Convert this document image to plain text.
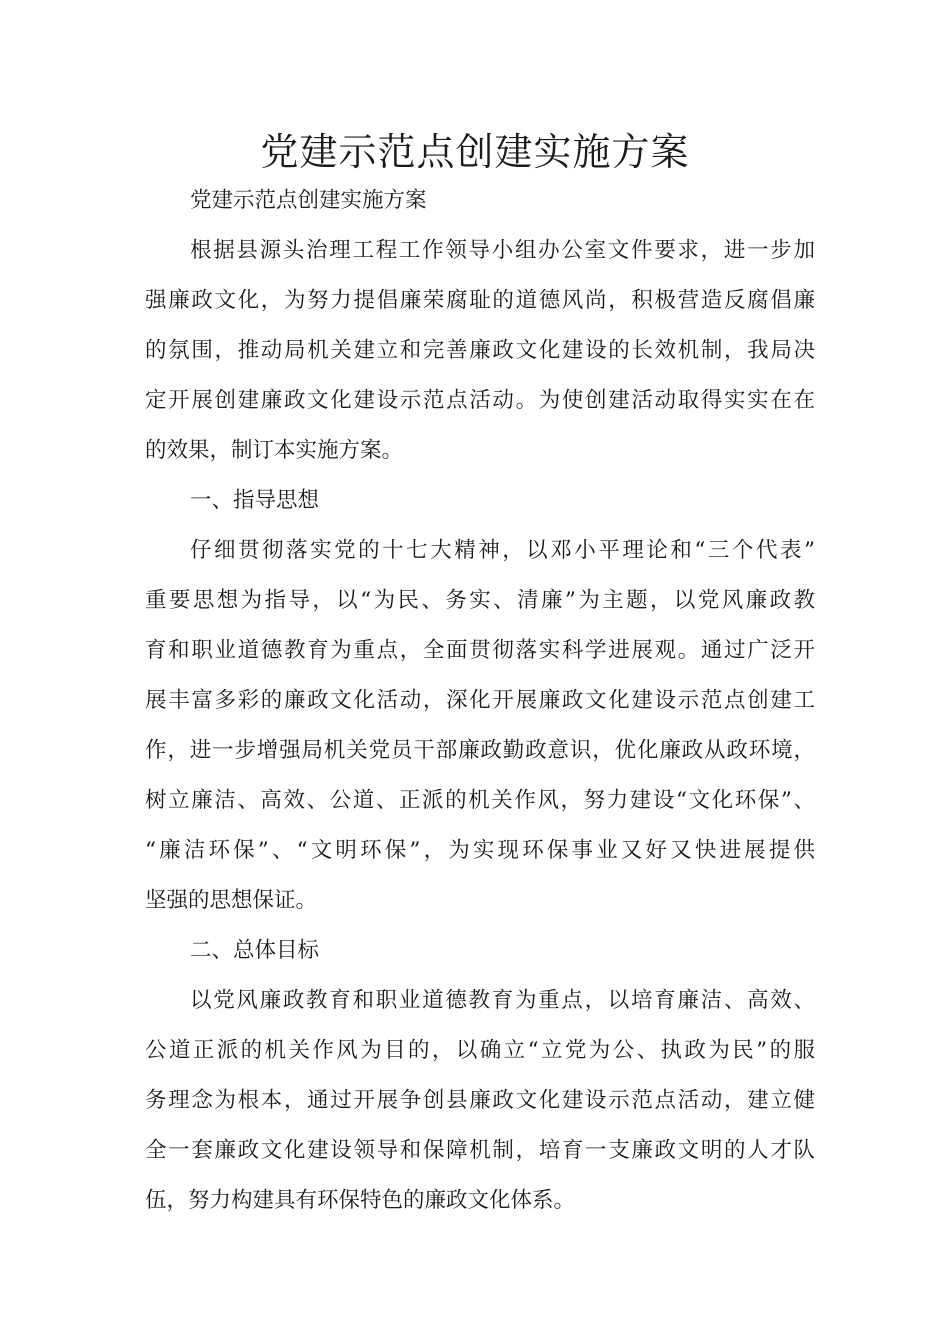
党建示范点创建实施方案

党建示范点创建实施方案

根据县源头治理工程工作领导小组办公室文件要求，进一步加

强廉政文化，为努力提倡廉荣腐耻的道德风尚，积极营造反腐倡廉

的氛围，推动局机关建立和完善廉政文化建设的长效机制，我局决

定开展创建廉政文化建设示范点活动。为使创建活动取得实实在在

的效果，制订本实施方案。

一、指导思想

仔细贯彻落实党的十七大精神，以邓小平理论和“三个代表”

重要思想为指导，以“为民、务实、清廉”为主题，以党风廉政教

育和职业道德教育为重点，全面贯彻落实科学进展观。通过广泛开

展丰富多彩的廉政文化活动，深化开展廉政文化建设示范点创建工

作，进一步增强局机关党员干部廉政勤政意识，优化廉政从政环境，

树立廉洁、高效、公道、正派的机关作风，努力建设“文化环保”、

“廉洁环保”、“文明环保”，为实现环保事业又好又快进展提供

坚强的思想保证。

二、总体目标

以党风廉政教育和职业道德教育为重点，以培育廉洁、高效、

公道正派的机关作风为目的，以确立“立党为公、执政为民”的服

务理念为根本，通过开展争创县廉政文化建设示范点活动，建立健

全一套廉政文化建设领导和保障机制，培育一支廉政文明的人才队

伍，努力构建具有环保特色的廉政文化体系。
